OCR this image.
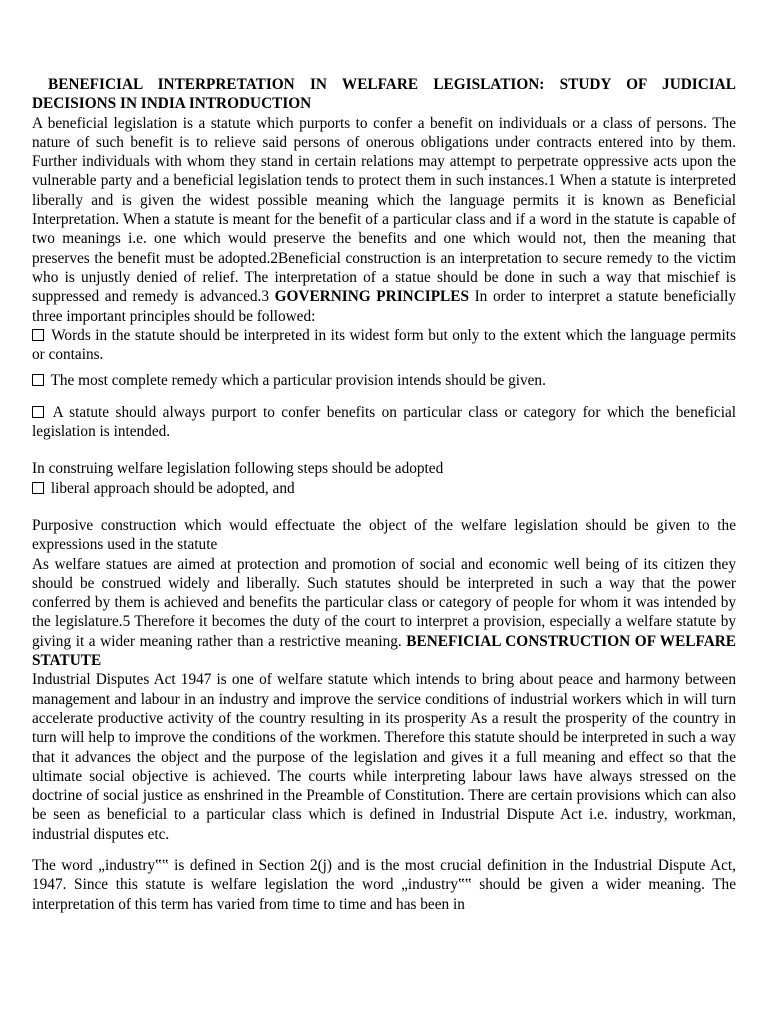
BENEFICIAL INTERPRETATION IN WELFARE LEGISLATION: STUDY OF JUDICIAL DECISIONS IN INDIA INTRODUCTION

A beneficial legislation is a statute which purports to confer a benefit on individuals or a class of persons. The nature of such benefit is to relieve said persons of onerous obligations under contracts entered into by them. Further individuals with whom they stand in certain relations may attempt to perpetrate oppressive acts upon the vulnerable party and a beneficial legislation tends to protect them in such instances.1 When a statute is interpreted liberally and is given the widest possible meaning which the language permits it is known as Beneficial Interpretation. When a statute is meant for the benefit of a particular class and if a word in the statute is capable of two meanings i.e. one which would preserve the benefits and one which would not, then the meaning that preserves the benefit must be adopted.2Beneficial construction is an interpretation to secure remedy to the victim who is unjustly denied of relief. The interpretation of a statue should be done in such a way that mischief is suppressed and remedy is advanced.3 GOVERNING PRINCIPLES In order to interpret a statute beneficially three important principles should be followed:

Words in the statute should be interpreted in its widest form but only to the extent which the language permits or contains.

The most complete remedy which a particular provision intends should be given.

A statute should always purport to confer benefits on particular class or category for which the beneficial legislation is intended.

In construing welfare legislation following steps should be adopted

liberal approach should be adopted, and

Purposive construction which would effectuate the object of the welfare legislation should be given to the expressions used in the statute

As welfare statues are aimed at protection and promotion of social and economic well being of its citizen they should be construed widely and liberally. Such statutes should be interpreted in such a way that the power conferred by them is achieved and benefits the particular class or category of people for whom it was intended by the legislature.5 Therefore it becomes the duty of the court to interpret a provision, especially a welfare statute by giving it a wider meaning rather than a restrictive meaning. BENEFICIAL CONSTRUCTION OF WELFARE STATUTE

Industrial Disputes Act 1947 is one of welfare statute which intends to bring about peace and harmony between management and labour in an industry and improve the service conditions of industrial workers which in will turn accelerate productive activity of the country resulting in its prosperity As a result the prosperity of the country in turn will help to improve the conditions of the workmen. Therefore this statute should be interpreted in such a way that it advances the object and the purpose of the legislation and gives it a full meaning and effect so that the ultimate social objective is achieved. The courts while interpreting labour laws have always stressed on the doctrine of social justice as enshrined in the Preamble of Constitution. There are certain provisions which can also be seen as beneficial to a particular class which is defined in Industrial Dispute Act i.e. industry, workman, industrial disputes etc.

The word „industry‟‟ is defined in Section 2(j) and is the most crucial definition in the Industrial Dispute Act, 1947. Since this statute is welfare legislation the word „industry‟‟ should be given a wider meaning. The interpretation of this term has varied from time to time and has been in
